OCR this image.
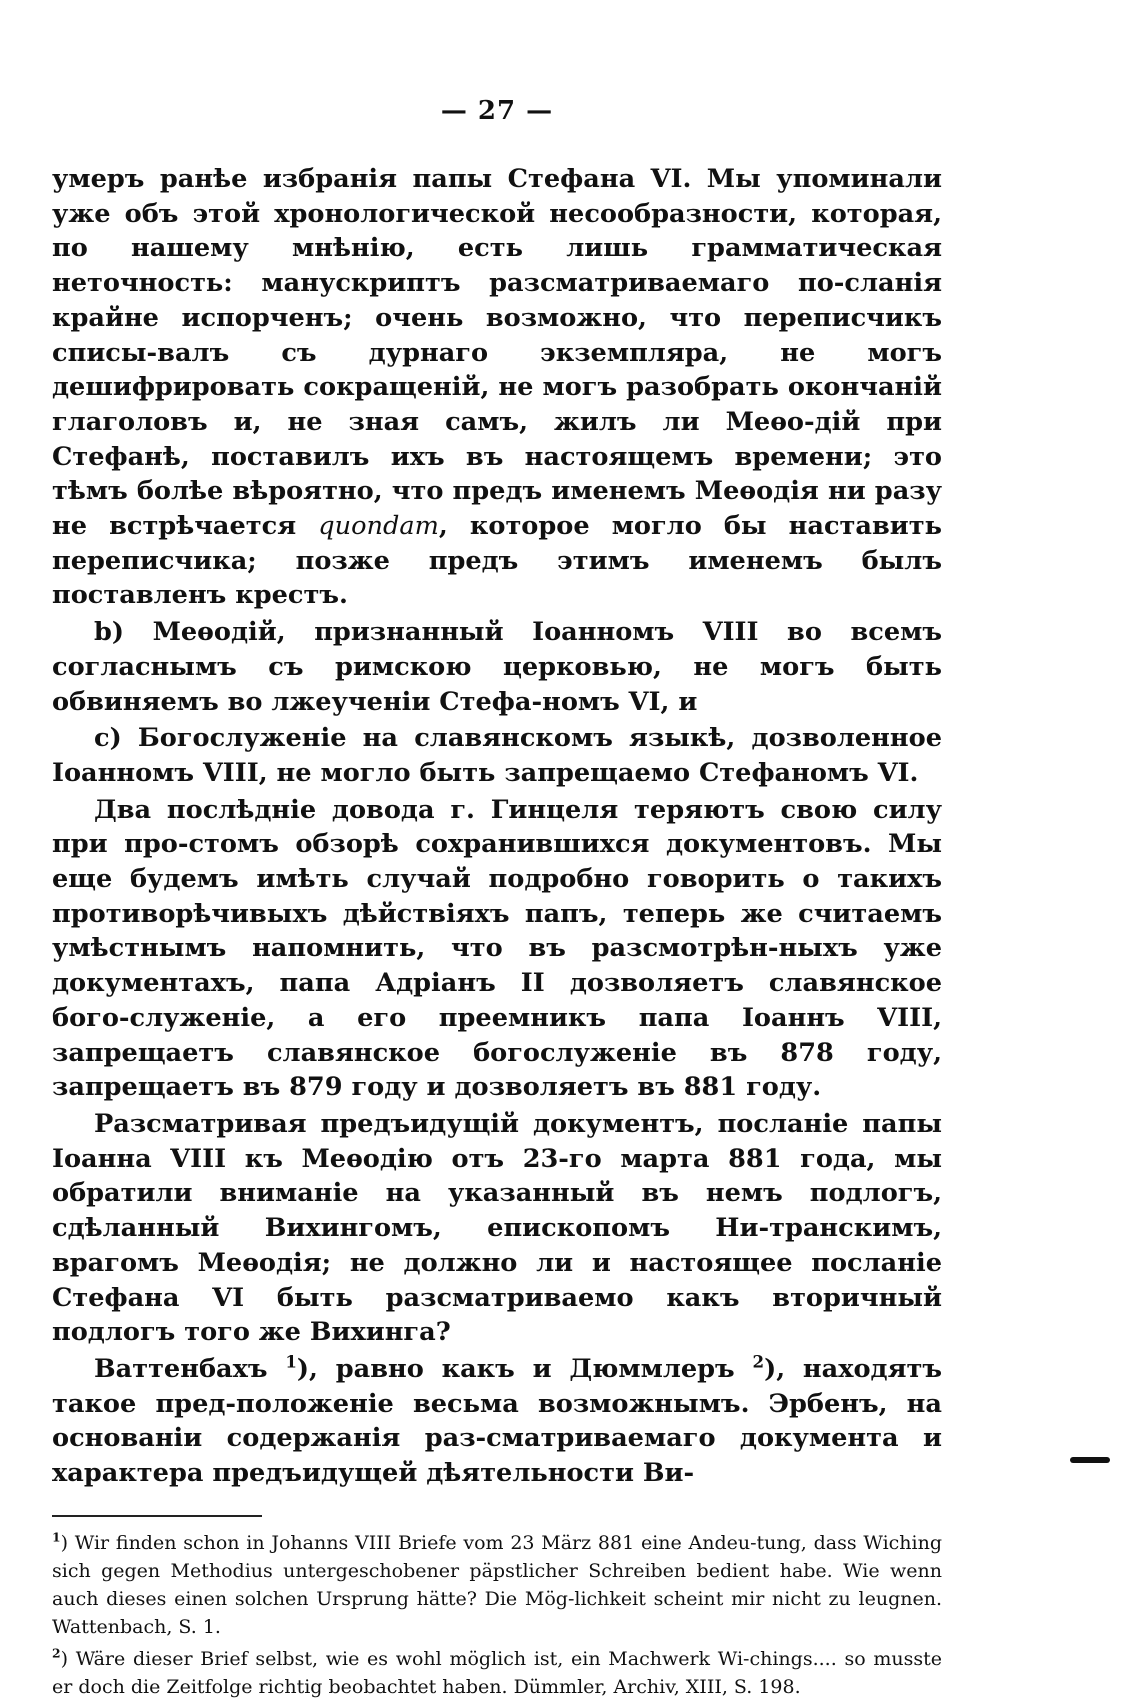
— 27 —

умеръ ранѣе избранія папы Стефана VI. Мы упоминали уже объ этой хронологической несообразности, которая, по нашему мнѣнію, есть лишь грамматическая неточность: манускриптъ разсматриваемаго по-сланія крайне испорченъ; очень возможно, что переписчикъ списы-валъ съ дурнаго экземпляра, не могъ дешифрировать сокращеній, не могъ разобрать окончаній глаголовъ и, не зная самъ, жилъ ли Меѳо-дій при Стефанѣ, поставилъ ихъ въ настоящемъ времени; это тѣмъ болѣе вѣроятно, что предъ именемъ Меѳодія ни разу не встрѣчается quondam, которое могло бы наставить переписчика; позже предъ этимъ именемъ былъ поставленъ крестъ.

b) Меѳодій, признанный Іоанномъ VIII во всемъ согласнымъ съ римскою церковью, не могъ быть обвиняемъ во лжеученіи Стефа-номъ VI, и

c) Богослуженіе на славянскомъ языкѣ, дозволенное Іоанномъ VIII, не могло быть запрещаемо Стефаномъ VI.

Два послѣдніе довода г. Гинцеля теряютъ свою силу при про-стомъ обзорѣ сохранившихся документовъ. Мы еще будемъ имѣть случай подробно говорить о такихъ противорѣчивыхъ дѣйствіяхъ папъ, теперь же считаемъ умѣстнымъ напомнить, что въ разсмотрѣн-ныхъ уже документахъ, папа Адріанъ II дозволяетъ славянское бого-служеніе, а его преемникъ папа Іоаннъ VIII, запрещаетъ славянское богослуженіе въ 878 году, запрещаетъ въ 879 году и дозволяетъ въ 881 году.

Разсматривая предъидущій документъ, посланіе папы Іоанна VIII къ Меѳодію отъ 23-го марта 881 года, мы обратили вниманіе на указанный въ немъ подлогъ, сдѣланный Вихингомъ, епископомъ Ни-транскимъ, врагомъ Меѳодія; не должно ли и настоящее посланіе Стефана VI быть разсматриваемо какъ вторичный подлогъ того же Вихинга?

Ваттенбахъ $^1$), равно какъ и Дюммлеръ $^2$), находятъ такое пред-положеніе весьма возможнымъ. Эрбенъ, на основаніи содержанія раз-сматриваемаго документа и характера предъидущей дѣятельности Ви-

$^1$) Wir finden schon in Johanns VIII Briefe vom 23 März 881 eine Andeu-tung, dass Wiching sich gegen Methodius untergeschobener päpstlicher Schreiben bedient habe. Wie wenn auch dieses einen solchen Ursprung hätte? Die Mög-lichkeit scheint mir nicht zu leugnen. Wattenbach, S. 1.

$^2$) Wäre dieser Brief selbst, wie es wohl möglich ist, ein Machwerk Wi-chings.... so musste er doch die Zeitfolge richtig beobachtet haben. Dümmler, Archiv, XIII, S. 198.
